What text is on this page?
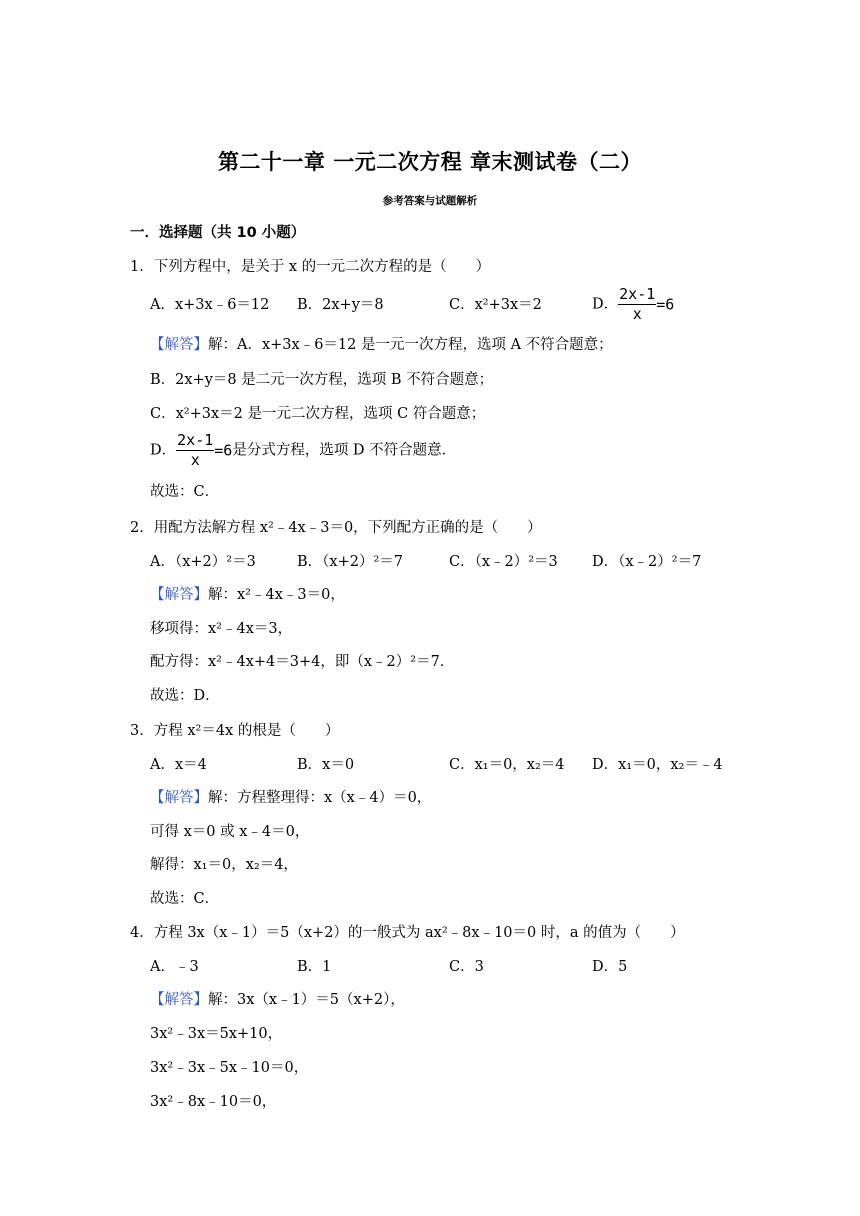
第二十一章 一元二次方程 章末测试卷（二）
参考答案与试题解析
一．选择题（共 10 小题）
1．下列方程中，是关于 x 的一元二次方程的是（　　）
A．x+3x﹣6＝12 B．2x+y＝8	C．x²+3x＝2	D． $\frac{2x-1}{x} =6$
【解答】解：A．x+3x﹣6＝12 是一元一次方程，选项 A 不符合题意；
B．2x+y＝8 是二元一次方程，选项 B 不符合题意；
C．x²+3x＝2 是一元二次方程，选项 C 符合题意；
D． $\frac{2x-1}{x} =6$是分式方程，选项 D 不符合题意．
故选：C．
2．用配方法解方程 x²﹣4x﹣3＝0，下列配方正确的是（　　）
A．（x+2）²＝3	B．（x+2）²＝7	C．（x﹣2）²＝3 D．（x﹣2）²＝7
【解答】解：x²﹣4x﹣3＝0，
移项得：x²﹣4x＝3，
配方得：x²﹣4x+4＝3+4，即（x﹣2）²＝7．
故选：D．
3．方程 x²＝4x 的根是（　　）
A．x＝4	B．x＝0	C．x₁＝0，x₂＝4 D．x₁＝0，x₂＝﹣4
【解答】解：方程整理得：x（x﹣4）＝0，
可得 x＝0 或 x﹣4＝0，
解得：x₁＝0，x₂＝4，
故选：C．
4．方程 3x（x﹣1）＝5（x+2）的一般式为 ax²﹣8x﹣10＝0 时，a 的值为（　　）
A．﹣3	B．1	C．3	D．5
【解答】解：3x（x﹣1）＝5（x+2），
3x²﹣3x＝5x+10，
3x²﹣3x﹣5x﹣10＝0，
3x²﹣8x﹣10＝0，
